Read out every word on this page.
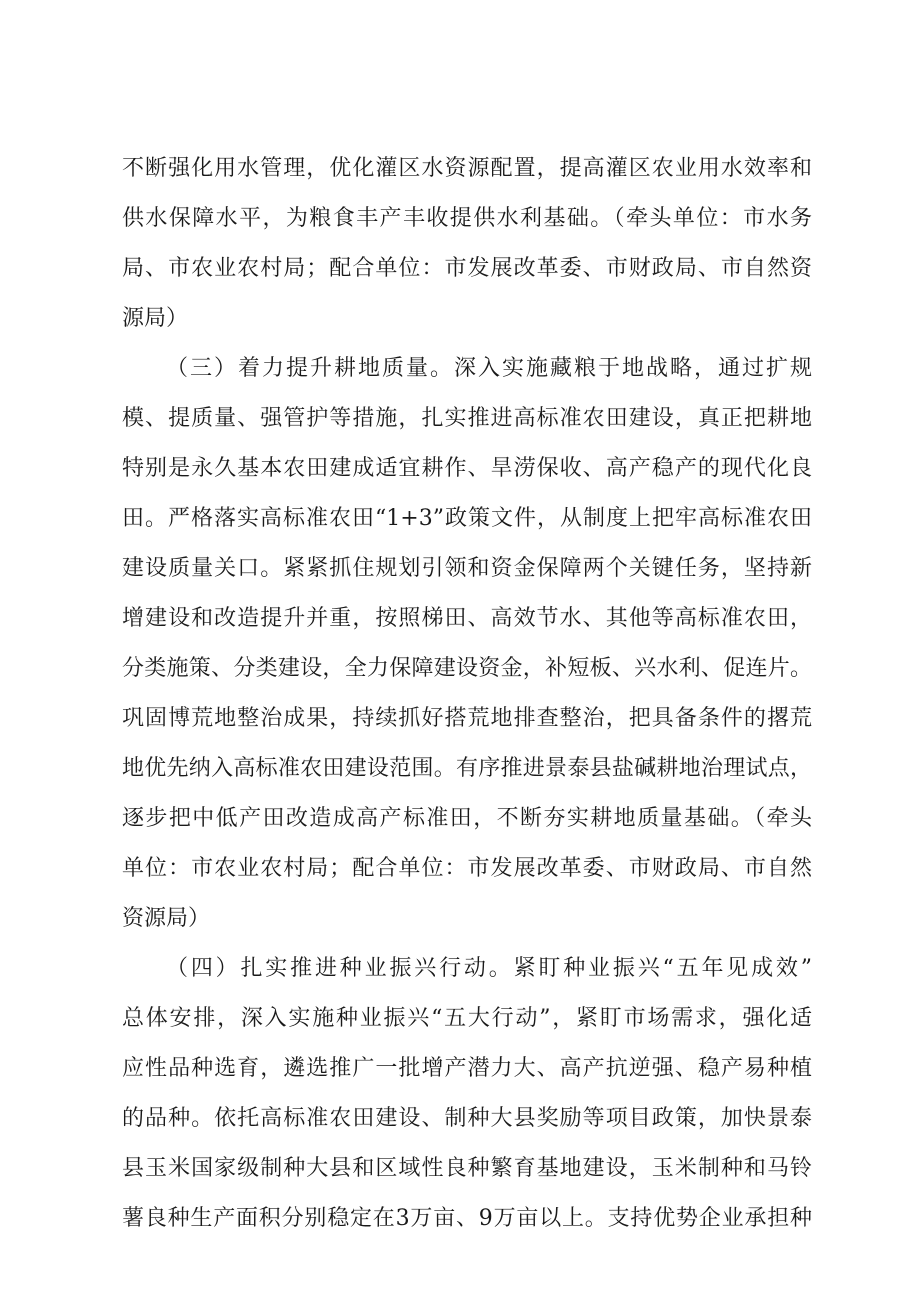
不断强化用水管理，优化灌区水资源配置，提高灌区农业用水效率和
供水保障水平，为粮食丰产丰收提供水利基础。（牵头单位：市水务
局、市农业农村局；配合单位：市发展改革委、市财政局、市自然资
源局）
（三）着力提升耕地质量。深入实施藏粮于地战略，通过扩规
模、提质量、强管护等措施，扎实推进高标准农田建设，真正把耕地
特别是永久基本农田建成适宜耕作、旱涝保收、高产稳产的现代化良
田。严格落实高标准农田“1+3”政策文件，从制度上把牢高标准农田
建设质量关口。紧紧抓住规划引领和资金保障两个关键任务，坚持新
增建设和改造提升并重，按照梯田、高效节水、其他等高标准农田，
分类施策、分类建设，全力保障建设资金，补短板、兴水利、促连片。
巩固博荒地整治成果，持续抓好搭荒地排查整治，把具备条件的撂荒
地优先纳入高标准农田建设范围。有序推进景泰县盐碱耕地治理试点，
逐步把中低产田改造成高产标准田，不断夯实耕地质量基础。（牵头
单位：市农业农村局；配合单位：市发展改革委、市财政局、市自然
资源局）
（四）扎实推进种业振兴行动。紧盯种业振兴“五年见成效”
总体安排，深入实施种业振兴“五大行动”，紧盯市场需求，强化适
应性品种选育，遴选推广一批增产潜力大、高产抗逆强、稳产易种植
的品种。依托高标准农田建设、制种大县奖励等项目政策，加快景泰
县玉米国家级制种大县和区域性良种繁育基地建设，玉米制种和马铃
薯良种生产面积分别稳定在3万亩、9万亩以上。支持优势企业承担种
